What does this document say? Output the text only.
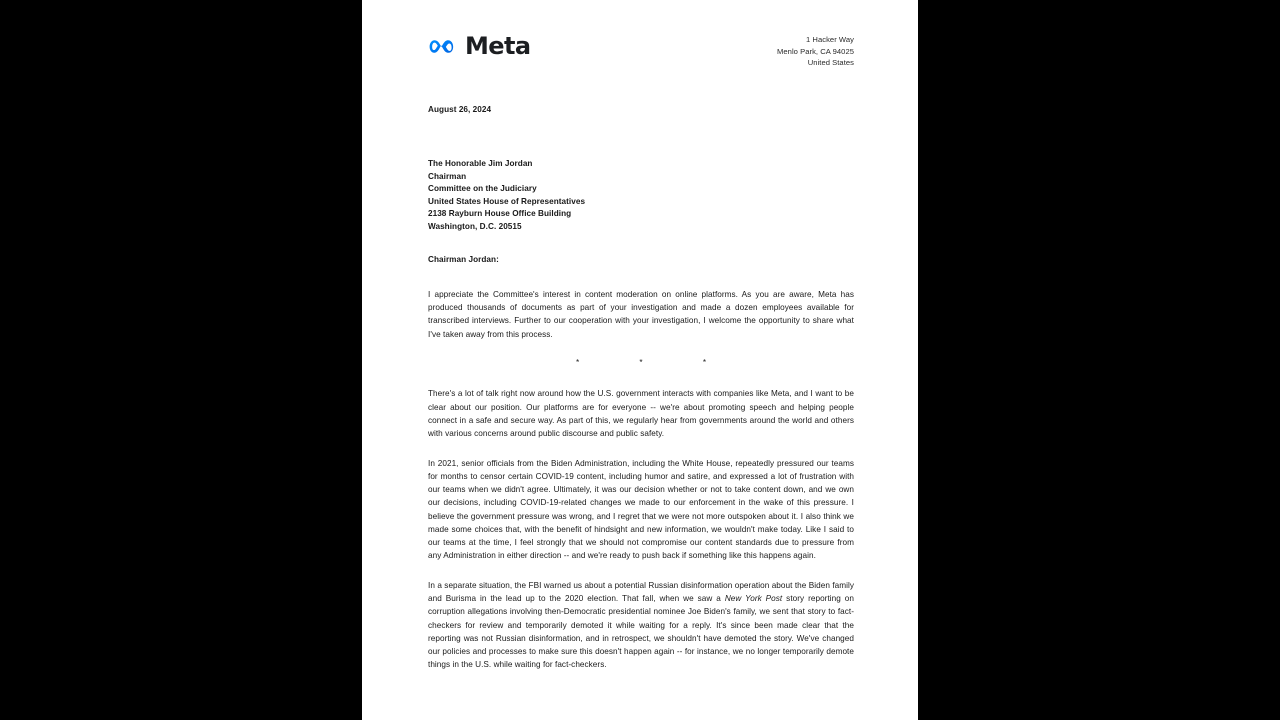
Meta	1 Hacker Way
Menlo Park, CA 94025
United States
August 26, 2024
The Honorable Jim Jordan
Chairman
Committee on the Judiciary
United States House of Representatives
2138 Rayburn House Office Building
Washington, D.C. 20515
Chairman Jordan:

I appreciate the Committee's interest in content moderation on online platforms. As you are aware, Meta has produced thousands of documents as part of your investigation and made a dozen employees available for transcribed interviews. Further to our cooperation with your investigation, I welcome the opportunity to share what I've taken away from this process.

*	*	*

There's a lot of talk right now around how the U.S. government interacts with companies like Meta, and I want to be clear about our position. Our platforms are for everyone -- we're about promoting speech and helping people connect in a safe and secure way. As part of this, we regularly hear from governments around the world and others with various concerns around public discourse and public safety.

In 2021, senior officials from the Biden Administration, including the White House, repeatedly pressured our teams for months to censor certain COVID-19 content, including humor and satire, and expressed a lot of frustration with our teams when we didn't agree. Ultimately, it was our decision whether or not to take content down, and we own our decisions, including COVID-19-related changes we made to our enforcement in the wake of this pressure. I believe the government pressure was wrong, and I regret that we were not more outspoken about it. I also think we made some choices that, with the benefit of hindsight and new information, we wouldn't make today. Like I said to our teams at the time, I feel strongly that we should not compromise our content standards due to pressure from any Administration in either direction -- and we're ready to push back if something like this happens again.

In a separate situation, the FBI warned us about a potential Russian disinformation operation about the Biden family and Burisma in the lead up to the 2020 election. That fall, when we saw a New York Post story reporting on corruption allegations involving then-Democratic presidential nominee Joe Biden's family, we sent that story to fact-checkers for review and temporarily demoted it while waiting for a reply. It's since been made clear that the reporting was not Russian disinformation, and in retrospect, we shouldn't have demoted the story. We've changed our policies and processes to make sure this doesn't happen again -- for instance, we no longer temporarily demote things in the U.S. while waiting for fact-checkers.
